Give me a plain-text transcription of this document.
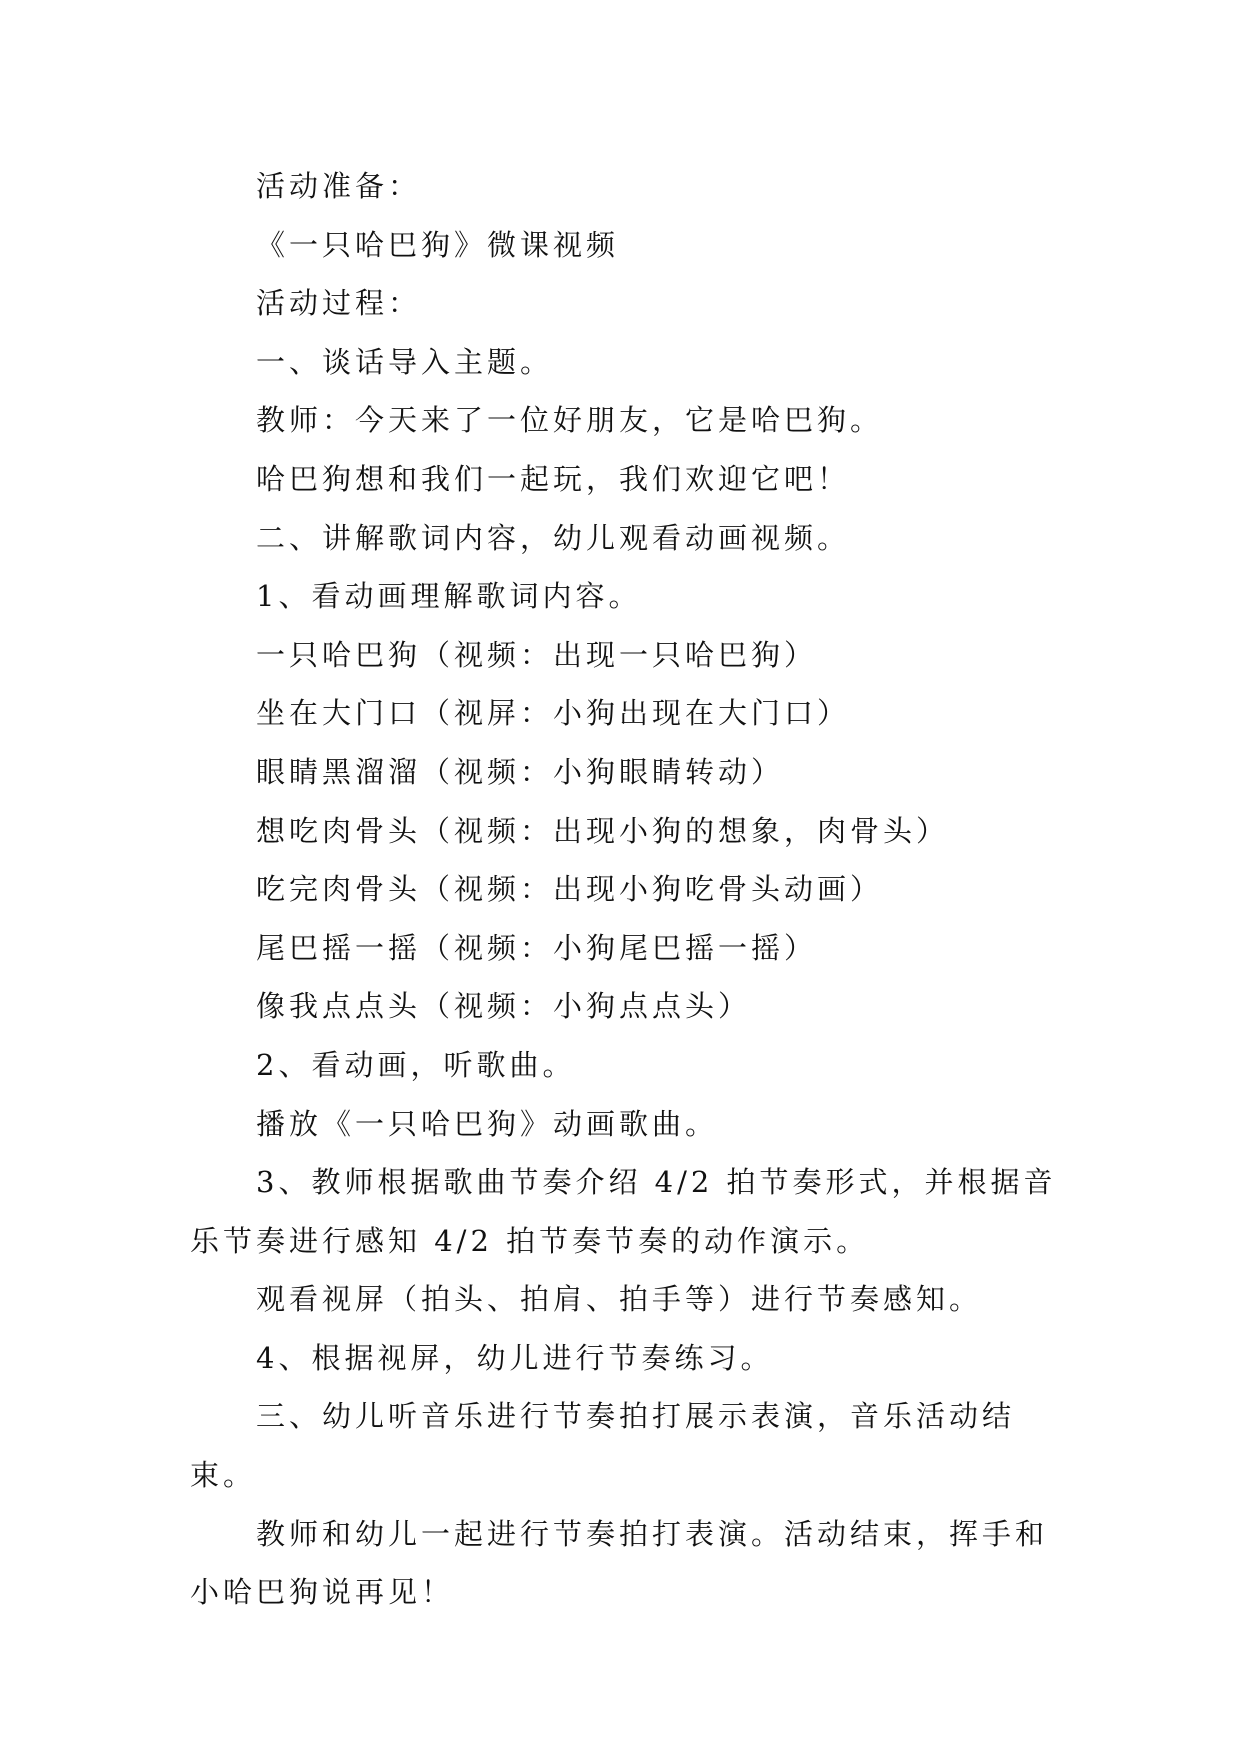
活动准备：

《一只哈巴狗》微课视频

活动过程：

一、谈话导入主题。

教师：今天来了一位好朋友，它是哈巴狗。

哈巴狗想和我们一起玩，我们欢迎它吧！

二、讲解歌词内容，幼儿观看动画视频。

1、看动画理解歌词内容。

一只哈巴狗（视频：出现一只哈巴狗）

坐在大门口（视屏：小狗出现在大门口）

眼睛黑溜溜（视频：小狗眼睛转动）

想吃肉骨头（视频：出现小狗的想象，肉骨头）

吃完肉骨头（视频：出现小狗吃骨头动画）

尾巴摇一摇（视频：小狗尾巴摇一摇）

像我点点头（视频：小狗点点头）

2、看动画，听歌曲。

播放《一只哈巴狗》动画歌曲。

3、教师根据歌曲节奏介绍 4/2 拍节奏形式，并根据音乐节奏进行感知 4/2 拍节奏节奏的动作演示。

观看视屏（拍头、拍肩、拍手等）进行节奏感知。

4、根据视屏，幼儿进行节奏练习。

三、幼儿听音乐进行节奏拍打展示表演，音乐活动结束。

教师和幼儿一起进行节奏拍打表演。活动结束，挥手和小哈巴狗说再见！
